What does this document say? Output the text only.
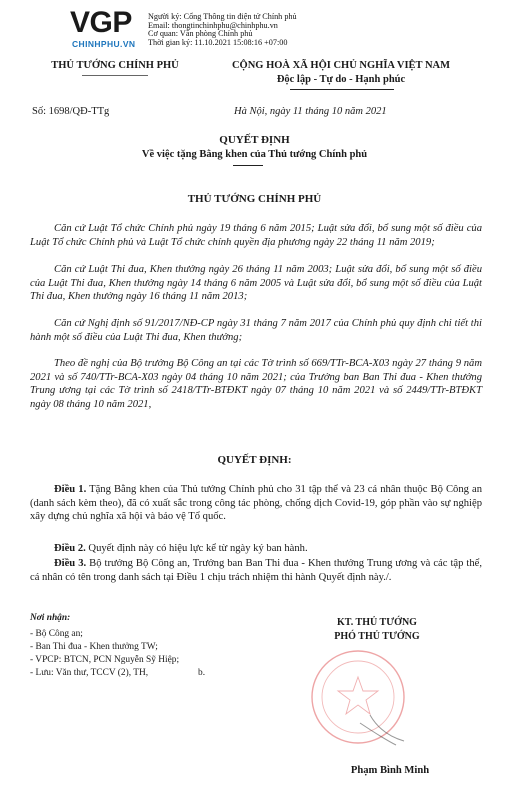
VGP
CHINHPHU.VN
Người ký: Cổng Thông tin điện tử Chính phủ
Email: thongtinchinhphu@chinhphu.vn
Cơ quan: Văn phòng Chính phủ
Thời gian ký: 11.10.2021 15:08:16 +07:00
THỦ TƯỚNG CHÍNH PHỦ	CỘNG HOÀ XÃ HỘI CHỦ NGHĨA VIỆT NAM
Độc lập - Tự do - Hạnh phúc
Số: 1698/QĐ-TTg	Hà Nội, ngày 11 tháng 10 năm 2021
QUYẾT ĐỊNH
Về việc tặng Bằng khen của Thủ tướng Chính phủ
THỦ TƯỚNG CHÍNH PHỦ
Căn cứ Luật Tổ chức Chính phủ ngày 19 tháng 6 năm 2015; Luật sửa đổi, bổ sung một số điều của Luật Tổ chức Chính phủ và Luật Tổ chức chính quyền địa phương ngày 22 tháng 11 năm 2019;
Căn cứ Luật Thi đua, Khen thưởng ngày 26 tháng 11 năm 2003; Luật sửa đổi, bổ sung một số điều của Luật Thi đua, Khen thưởng ngày 14 tháng 6 năm 2005 và Luật sửa đổi, bổ sung một số điều của Luật Thi đua, Khen thưởng ngày 16 tháng 11 năm 2013;
Căn cứ Nghị định số 91/2017/NĐ-CP ngày 31 tháng 7 năm 2017 của Chính phủ quy định chi tiết thi hành một số điều của Luật Thi đua, Khen thưởng;
Theo đề nghị của Bộ trưởng Bộ Công an tại các Tờ trình số 669/TTr-BCA-X03 ngày 27 tháng 9 năm 2021 và số 740/TTr-BCA-X03 ngày 04 tháng 10 năm 2021; của Trưởng ban Ban Thi đua - Khen thưởng Trung ương tại các Tờ trình số 2418/TTr-BTĐKT ngày 07 tháng 10 năm 2021 và số 2449/TTr-BTĐKT ngày 08 tháng 10 năm 2021,
QUYẾT ĐỊNH:
Điều 1. Tặng Bằng khen của Thủ tướng Chính phủ cho 31 tập thể và 23 cá nhân thuộc Bộ Công an (danh sách kèm theo), đã có xuất sắc trong công tác phòng, chống dịch Covid-19, góp phần vào sự nghiệp xây dựng chủ nghĩa xã hội và bảo vệ Tổ quốc.
Điều 2. Quyết định này có hiệu lực kể từ ngày ký ban hành.
Điều 3. Bộ trưởng Bộ Công an, Trưởng ban Ban Thi đua - Khen thưởng Trung ương và các tập thể, cá nhân có tên trong danh sách tại Điều 1 chịu trách nhiệm thi hành Quyết định này./.
Nơi nhận:
- Bộ Công an;
- Ban Thi đua - Khen thưởng TW;
- VPCP: BTCN, PCN Nguyễn Sỹ Hiệp;
- Lưu: Văn thư, TCCV (2), TH,	b.
KT. THỦ TƯỚNG
PHÓ THỦ TƯỚNG
Phạm Bình Minh
